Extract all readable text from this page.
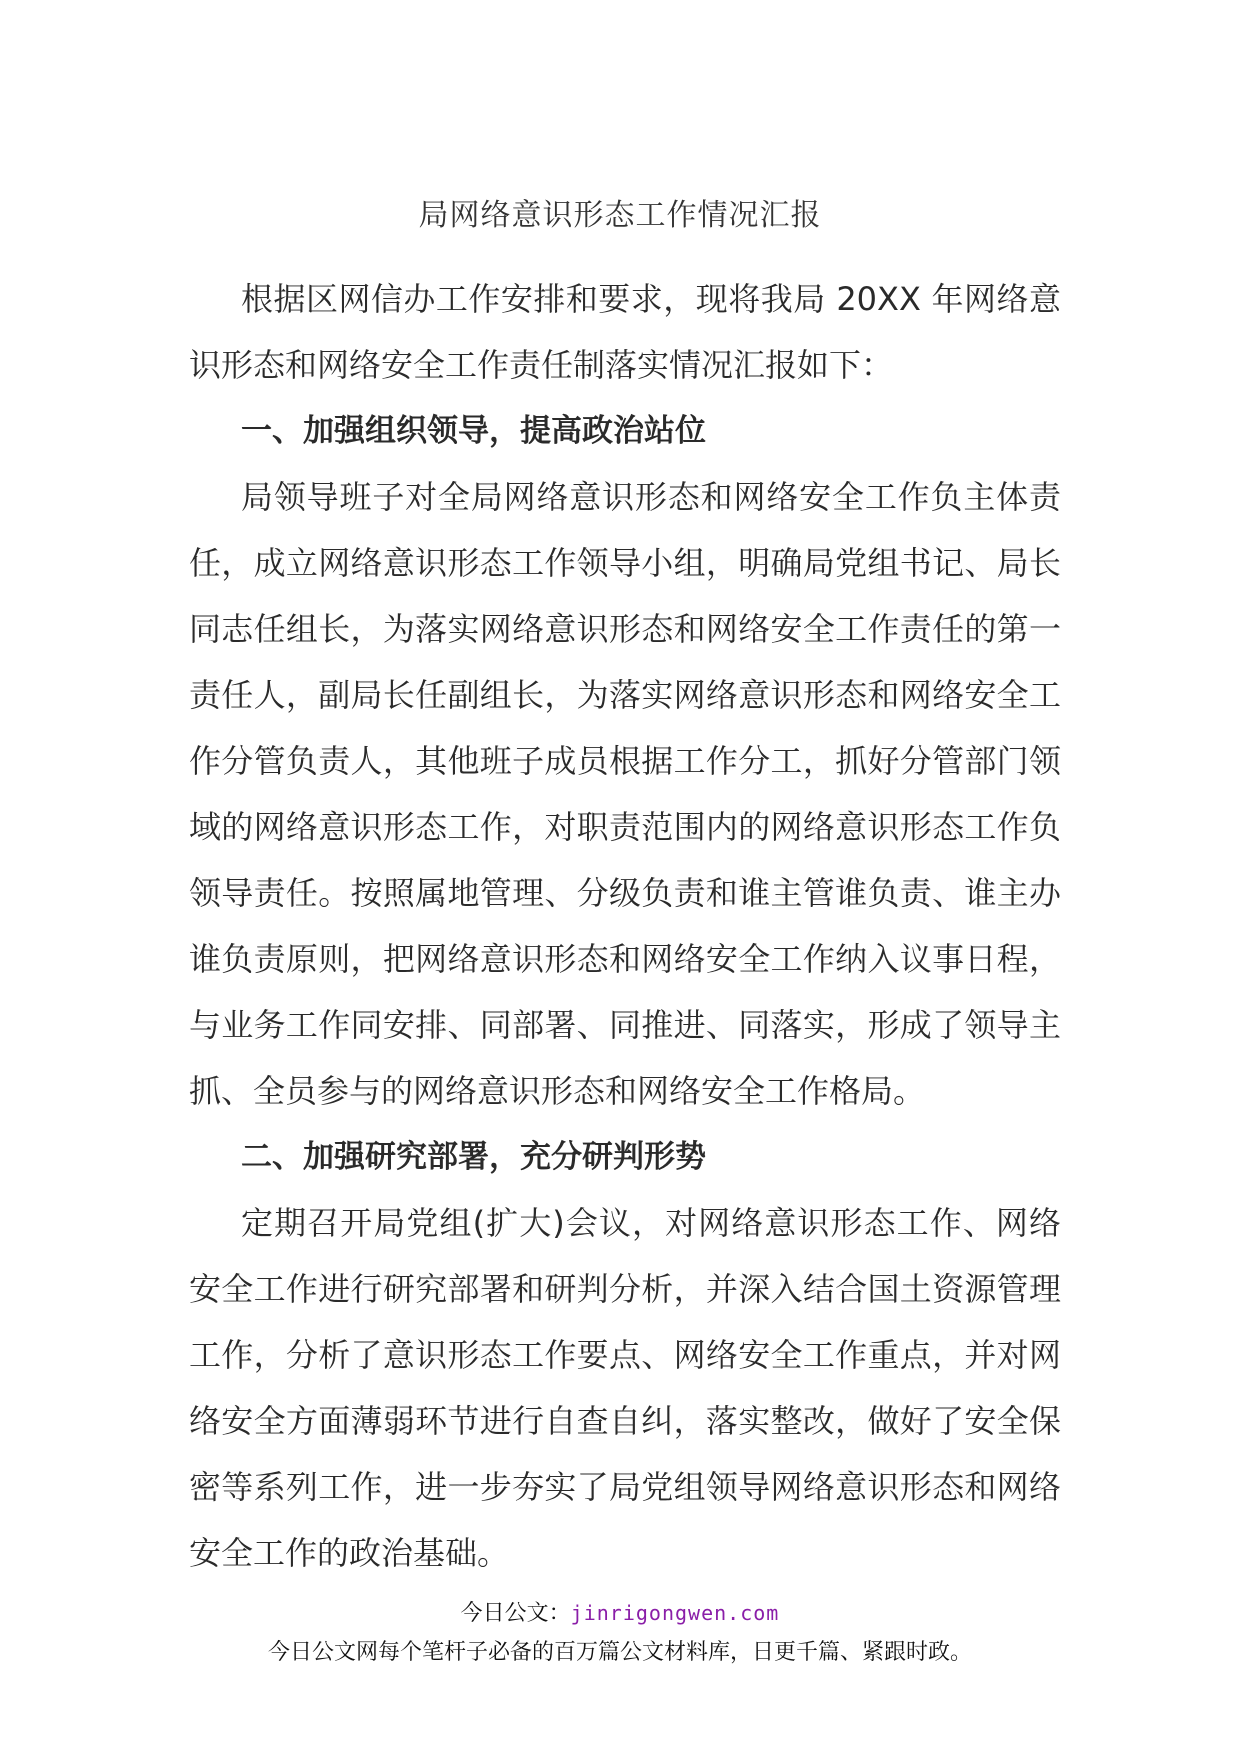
局网络意识形态工作情况汇报

根据区网信办工作安排和要求，现将我局 20XX 年网络意识形态和网络安全工作责任制落实情况汇报如下：

一、加强组织领导，提高政治站位

局领导班子对全局网络意识形态和网络安全工作负主体责任，成立网络意识形态工作领导小组，明确局党组书记、局长同志任组长，为落实网络意识形态和网络安全工作责任的第一责任人，副局长任副组长，为落实网络意识形态和网络安全工作分管负责人，其他班子成员根据工作分工，抓好分管部门领域的网络意识形态工作，对职责范围内的网络意识形态工作负领导责任。按照属地管理、分级负责和谁主管谁负责、谁主办谁负责原则，把网络意识形态和网络安全工作纳入议事日程，与业务工作同安排、同部署、同推进、同落实，形成了领导主抓、全员参与的网络意识形态和网络安全工作格局。

二、加强研究部署，充分研判形势

定期召开局党组(扩大)会议，对网络意识形态工作、网络安全工作进行研究部署和研判分析，并深入结合国土资源管理工作，分析了意识形态工作要点、网络安全工作重点，并对网络安全方面薄弱环节进行自查自纠，落实整改，做好了安全保密等系列工作，进一步夯实了局党组领导网络意识形态和网络安全工作的政治基础。

今日公文：jinrigongwen.com
今日公文网每个笔杆子必备的百万篇公文材料库，日更千篇、紧跟时政。
